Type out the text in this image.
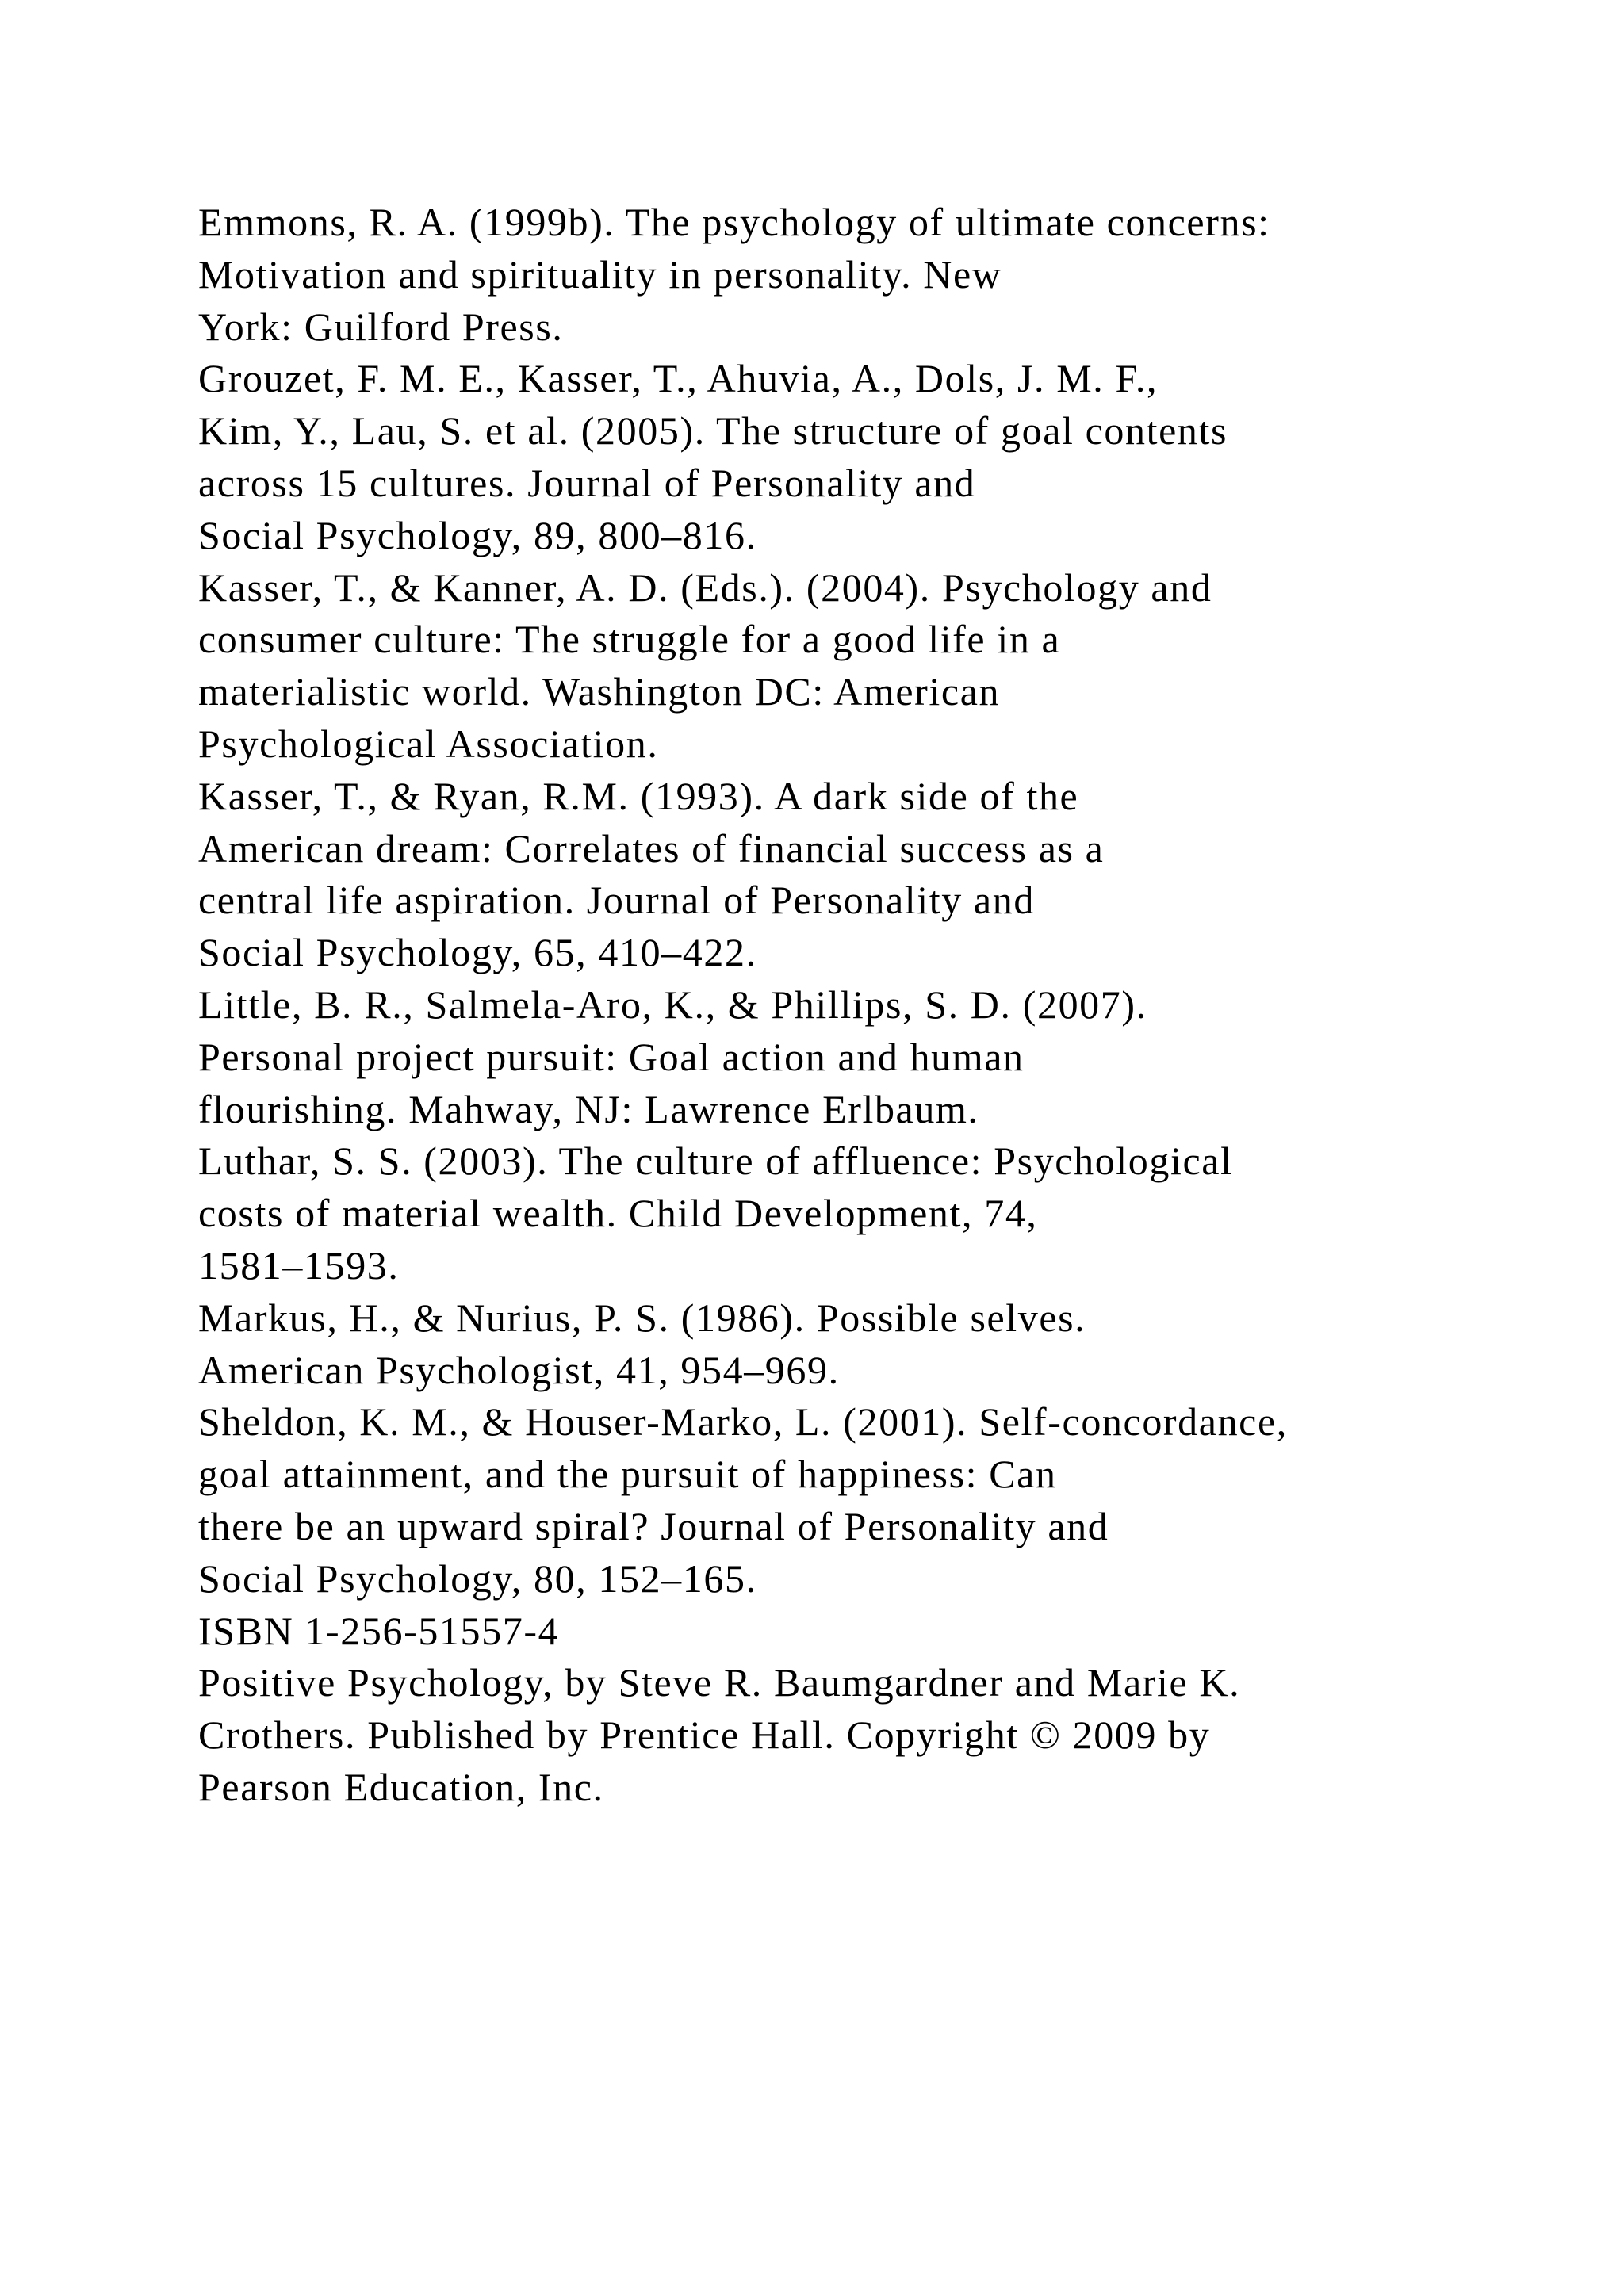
Emmons, R. A. (1999b). The psychology of ultimate concerns:

Motivation and spirituality in personality. New

York: Guilford Press.

Grouzet, F. M. E., Kasser, T., Ahuvia, A., Dols, J. M. F.,

Kim, Y., Lau, S. et al. (2005). The structure of goal contents

across 15 cultures. Journal of Personality and

Social Psychology, 89, 800–816.

Kasser, T., & Kanner, A. D. (Eds.). (2004). Psychology and

consumer culture: The struggle for a good life in a

materialistic world. Washington DC: American

Psychological Association.

Kasser, T., & Ryan, R.M. (1993). A dark side of the

American dream: Correlates of financial success as a

central life aspiration. Journal of Personality and

Social Psychology, 65, 410–422.

Little, B. R., Salmela-Aro, K., & Phillips, S. D. (2007).

Personal project pursuit: Goal action and human

flourishing. Mahway, NJ: Lawrence Erlbaum.

Luthar, S. S. (2003). The culture of affluence: Psychological

costs of material wealth. Child Development, 74,

1581–1593.

Markus, H., & Nurius, P. S. (1986). Possible selves.

American Psychologist, 41, 954–969.

Sheldon, K. M., & Houser-Marko, L. (2001). Self-concordance,

goal attainment, and the pursuit of happiness: Can

there be an upward spiral? Journal of Personality and

Social Psychology, 80, 152–165.

ISBN 1-256-51557-4

Positive Psychology, by Steve R. Baumgardner and Marie K.

Crothers. Published by Prentice Hall. Copyright © 2009 by

Pearson Education, Inc.
